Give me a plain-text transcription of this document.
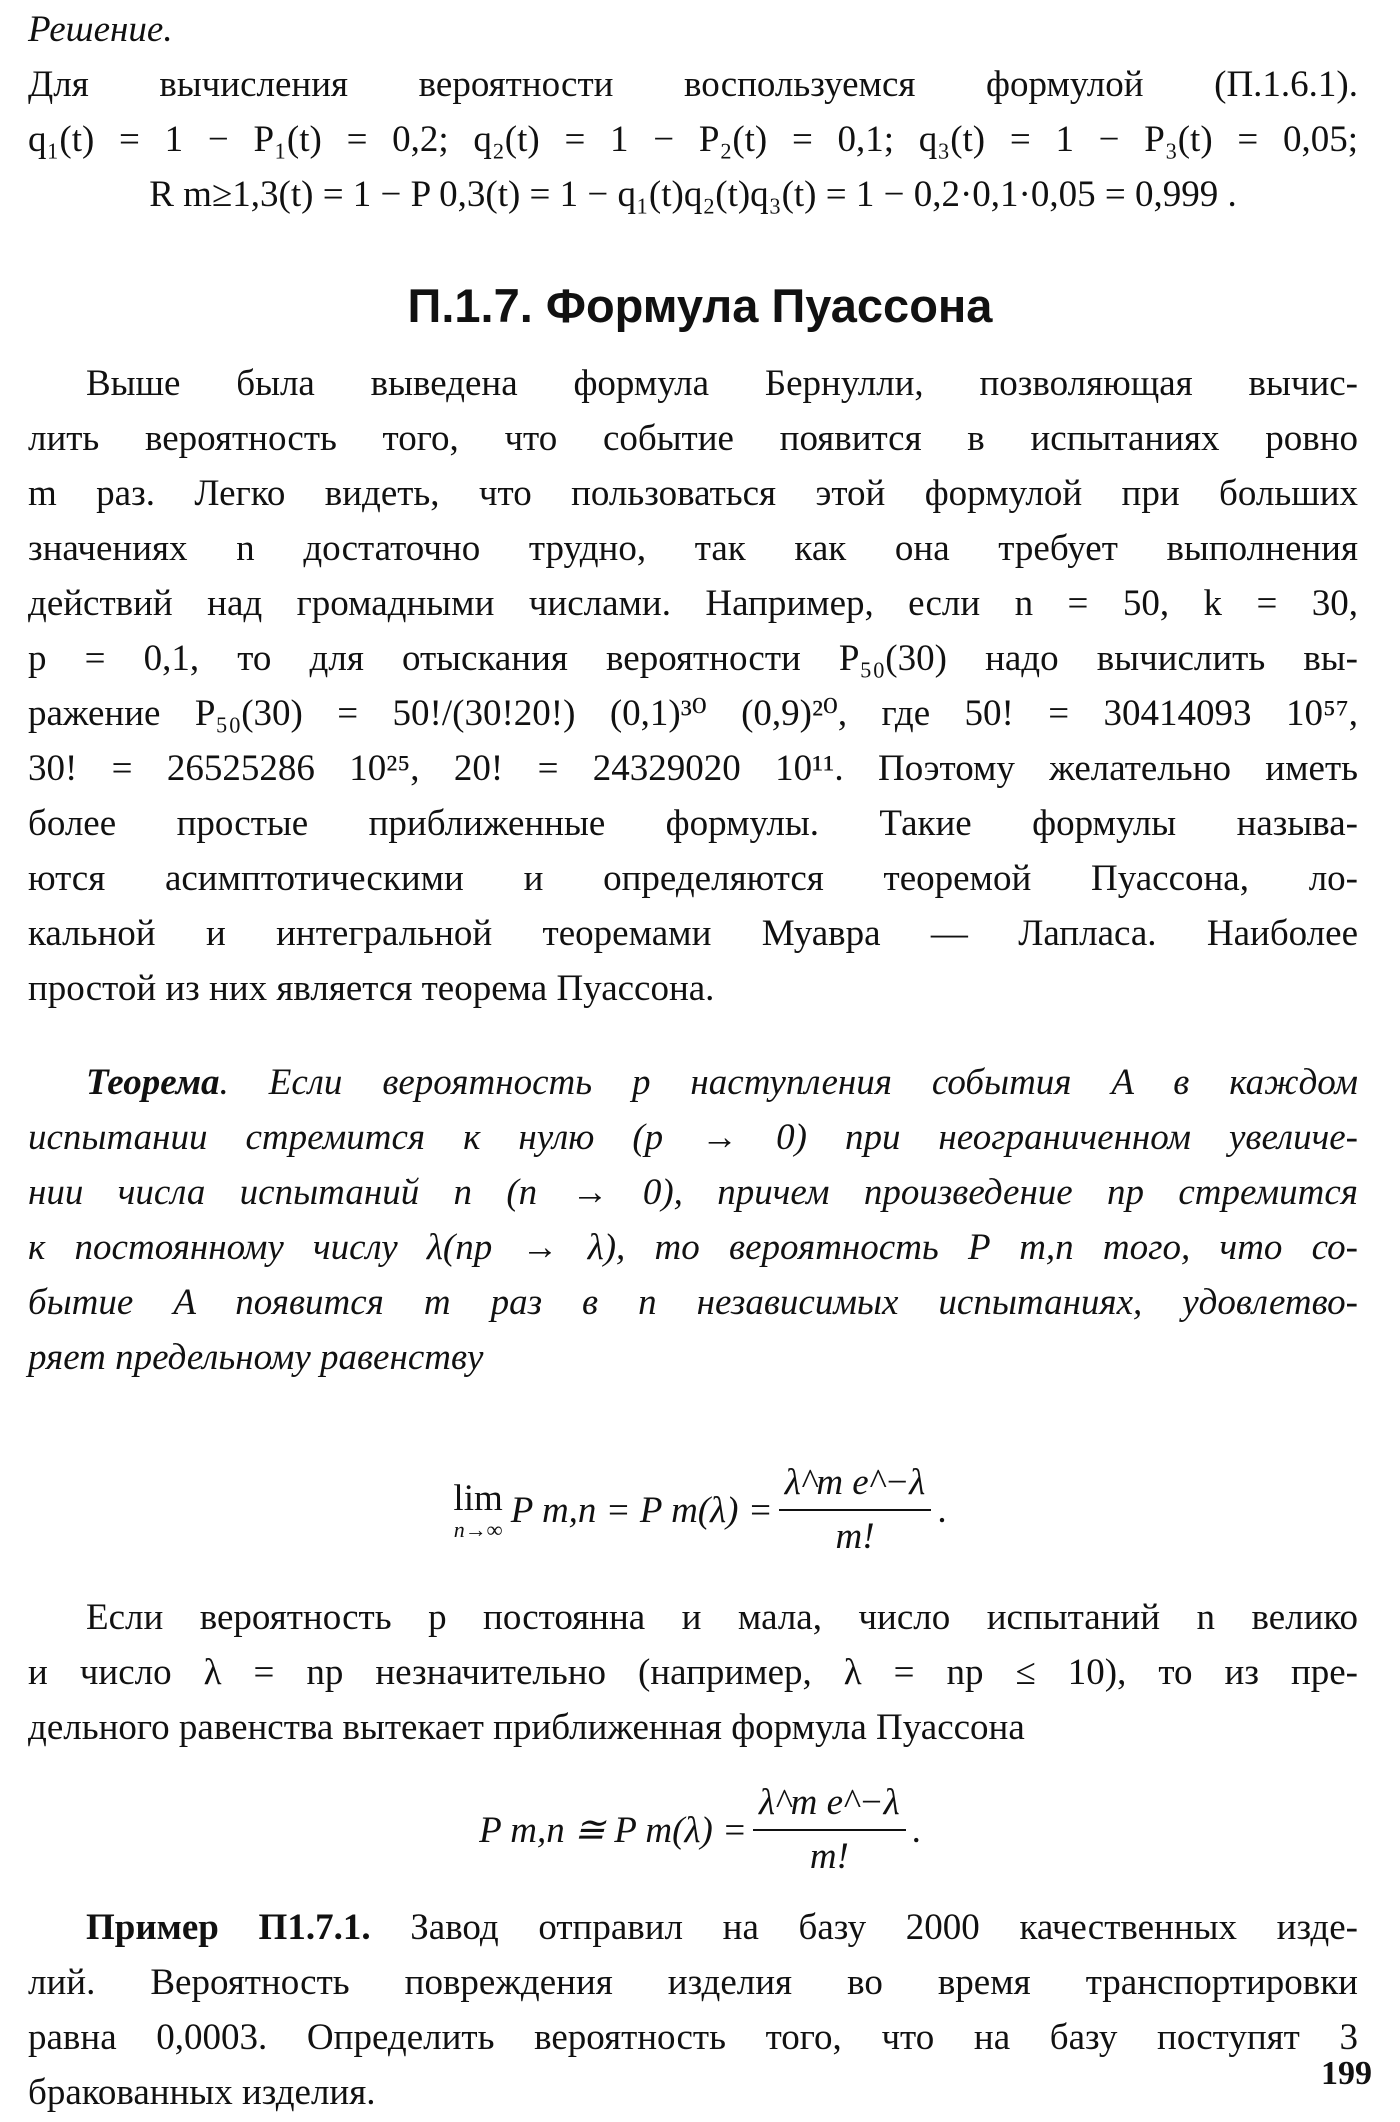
Решение.
Для вычисления вероятности воспользуемся формулой (П.1.6.1).
q₁(t) = 1 − P₁(t) = 0,2; q₂(t) = 1 − P₂(t) = 0,1; q₃(t) = 1 − P₃(t) = 0,05;
R m≥1,3(t) = 1 − P 0,3(t) = 1 − q₁(t)q₂(t)q₃(t) = 1 − 0,2·0,1·0,05 = 0,999 .
П.1.7. Формула Пуассона
Выше была выведена формула Бернулли, позволяющая вычис-
лить вероятность того, что событие появится в испытаниях ровно
m раз. Легко видеть, что пользоваться этой формулой при больших
значениях n достаточно трудно, так как она требует выполнения
действий над громадными числами. Например, если n = 50, k = 30,
p = 0,1, то для отыскания вероятности P₅₀(30) надо вычислить вы-
ражение P₅₀(30) = 50!/(30!20!) (0,1)³⁰ (0,9)²⁰, где 50! = 30414093 10⁵⁷,
30! = 26525286 10²⁵, 20! = 24329020 10¹¹. Поэтому желательно иметь
более простые приближенные формулы. Такие формулы называ-
ются асимптотическими и определяются теоремой Пуассона, ло-
кальной и интегральной теоремами Муавра — Лапласа. Наиболее
простой из них является теорема Пуассона.
Теорема. Если вероятность p наступления события A в каждом
испытании стремится к нулю (p → 0) при неограниченном увеличе-
нии числа испытаний n (n → 0), причем произведение np стремится
к постоянному числу λ(np → λ), то вероятность P m,n того, что со-
бытие A появится m раз в n независимых испытаниях, удовлетво-
ряет предельному равенству
lim
n→∞ P m,n = P $m(\lambda) = \frac{\text{λ\textasciicircum{}m e\textasciicircum{}−λ}}{m!}$ .
Если вероятность p постоянна и мала, число испытаний n велико
и число λ = np незначительно (например, λ = np ≤ 10), то из пре-
дельного равенства вытекает приближенная формула Пуассона
P m,n ≅ P $m(\lambda) = \frac{\text{λ\textasciicircum{}m e\textasciicircum{}−λ}}{m!}$ .
Пример П1.7.1. Завод отправил на базу 2000 качественных изде-
лий. Вероятность повреждения изделия во время транспортировки
равна 0,0003. Определить вероятность того, что на базу поступят 3
бракованных изделия.	199
